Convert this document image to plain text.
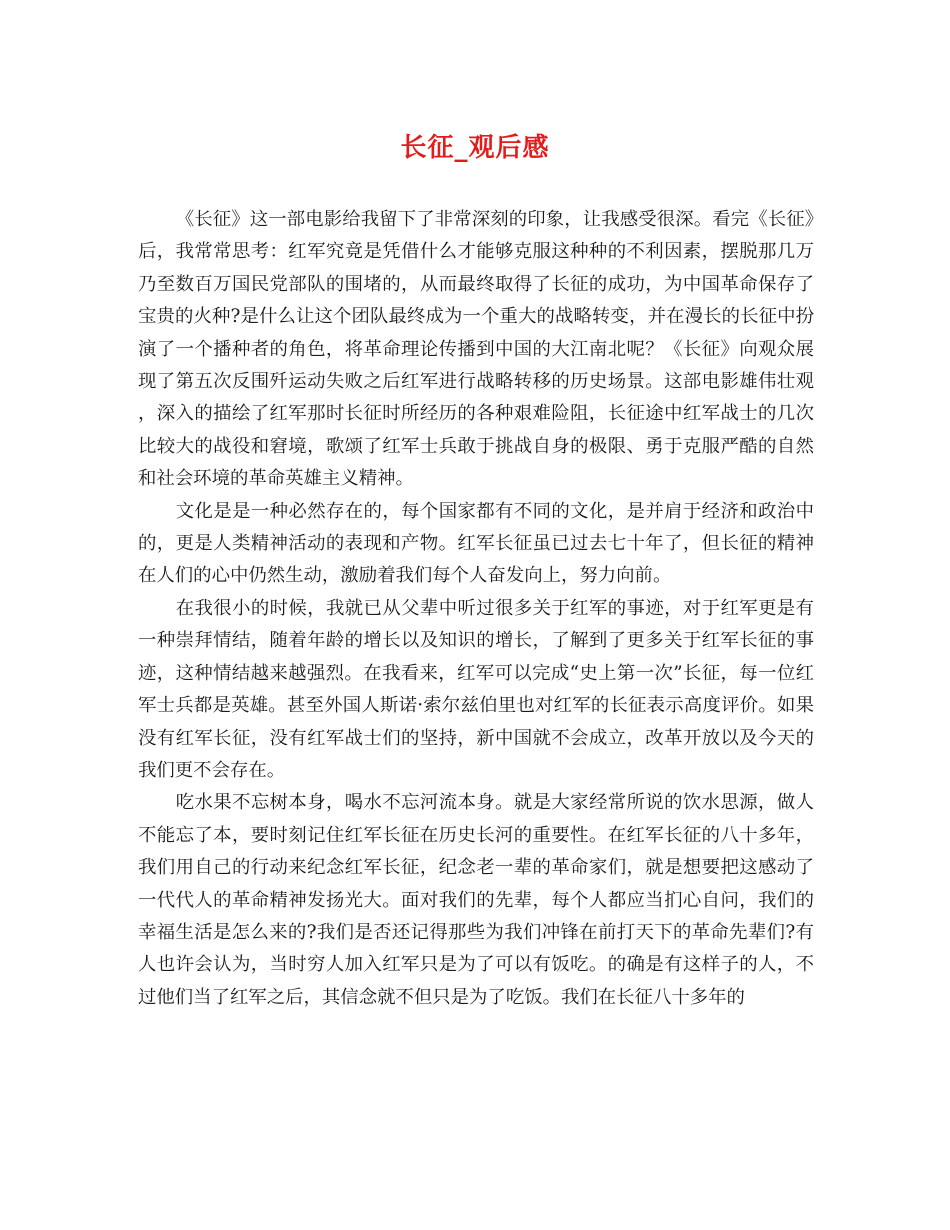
长征_观后感

《长征》这一部电影给我留下了非常深刻的印象，让我感受很深。看完《长征》后，我常常思考：红军究竟是凭借什么才能够克服这种种的不利因素，摆脱那几万乃至数百万国民党部队的围堵的，从而最终取得了长征的成功，为中国革命保存了宝贵的火种?是什么让这个团队最终成为一个重大的战略转变，并在漫长的长征中扮演了一个播种者的角色，将革命理论传播到中国的大江南北呢？《长征》向观众展现了第五次反围歼运动失败之后红军进行战略转移的历史场景。这部电影雄伟壮观，深入的描绘了红军那时长征时所经历的各种艰难险阻，长征途中红军战士的几次比较大的战役和窘境，歌颂了红军士兵敢于挑战自身的极限、勇于克服严酷的自然和社会环境的革命英雄主义精神。

文化是是一种必然存在的，每个国家都有不同的文化，是并肩于经济和政治中的，更是人类精神活动的表现和产物。红军长征虽已过去七十年了，但长征的精神在人们的心中仍然生动，激励着我们每个人奋发向上，努力向前。

在我很小的时候，我就已从父辈中听过很多关于红军的事迹，对于红军更是有一种崇拜情结，随着年龄的增长以及知识的增长，了解到了更多关于红军长征的事迹，这种情结越来越强烈。在我看来，红军可以完成“史上第一次”长征，每一位红军士兵都是英雄。甚至外国人斯诺·索尔兹伯里也对红军的长征表示高度评价。如果没有红军长征，没有红军战士们的坚持，新中国就不会成立，改革开放以及今天的我们更不会存在。

吃水果不忘树本身，喝水不忘河流本身。就是大家经常所说的饮水思源，做人不能忘了本，要时刻记住红军长征在历史长河的重要性。在红军长征的八十多年，我们用自己的行动来纪念红军长征，纪念老一辈的革命家们，就是想要把这感动了一代代人的革命精神发扬光大。面对我们的先辈，每个人都应当扪心自问，我们的幸福生活是怎么来的?我们是否还记得那些为我们冲锋在前打天下的革命先辈们?有人也许会认为，当时穷人加入红军只是为了可以有饭吃。的确是有这样子的人，不过他们当了红军之后，其信念就不但只是为了吃饭。我们在长征八十多年的
